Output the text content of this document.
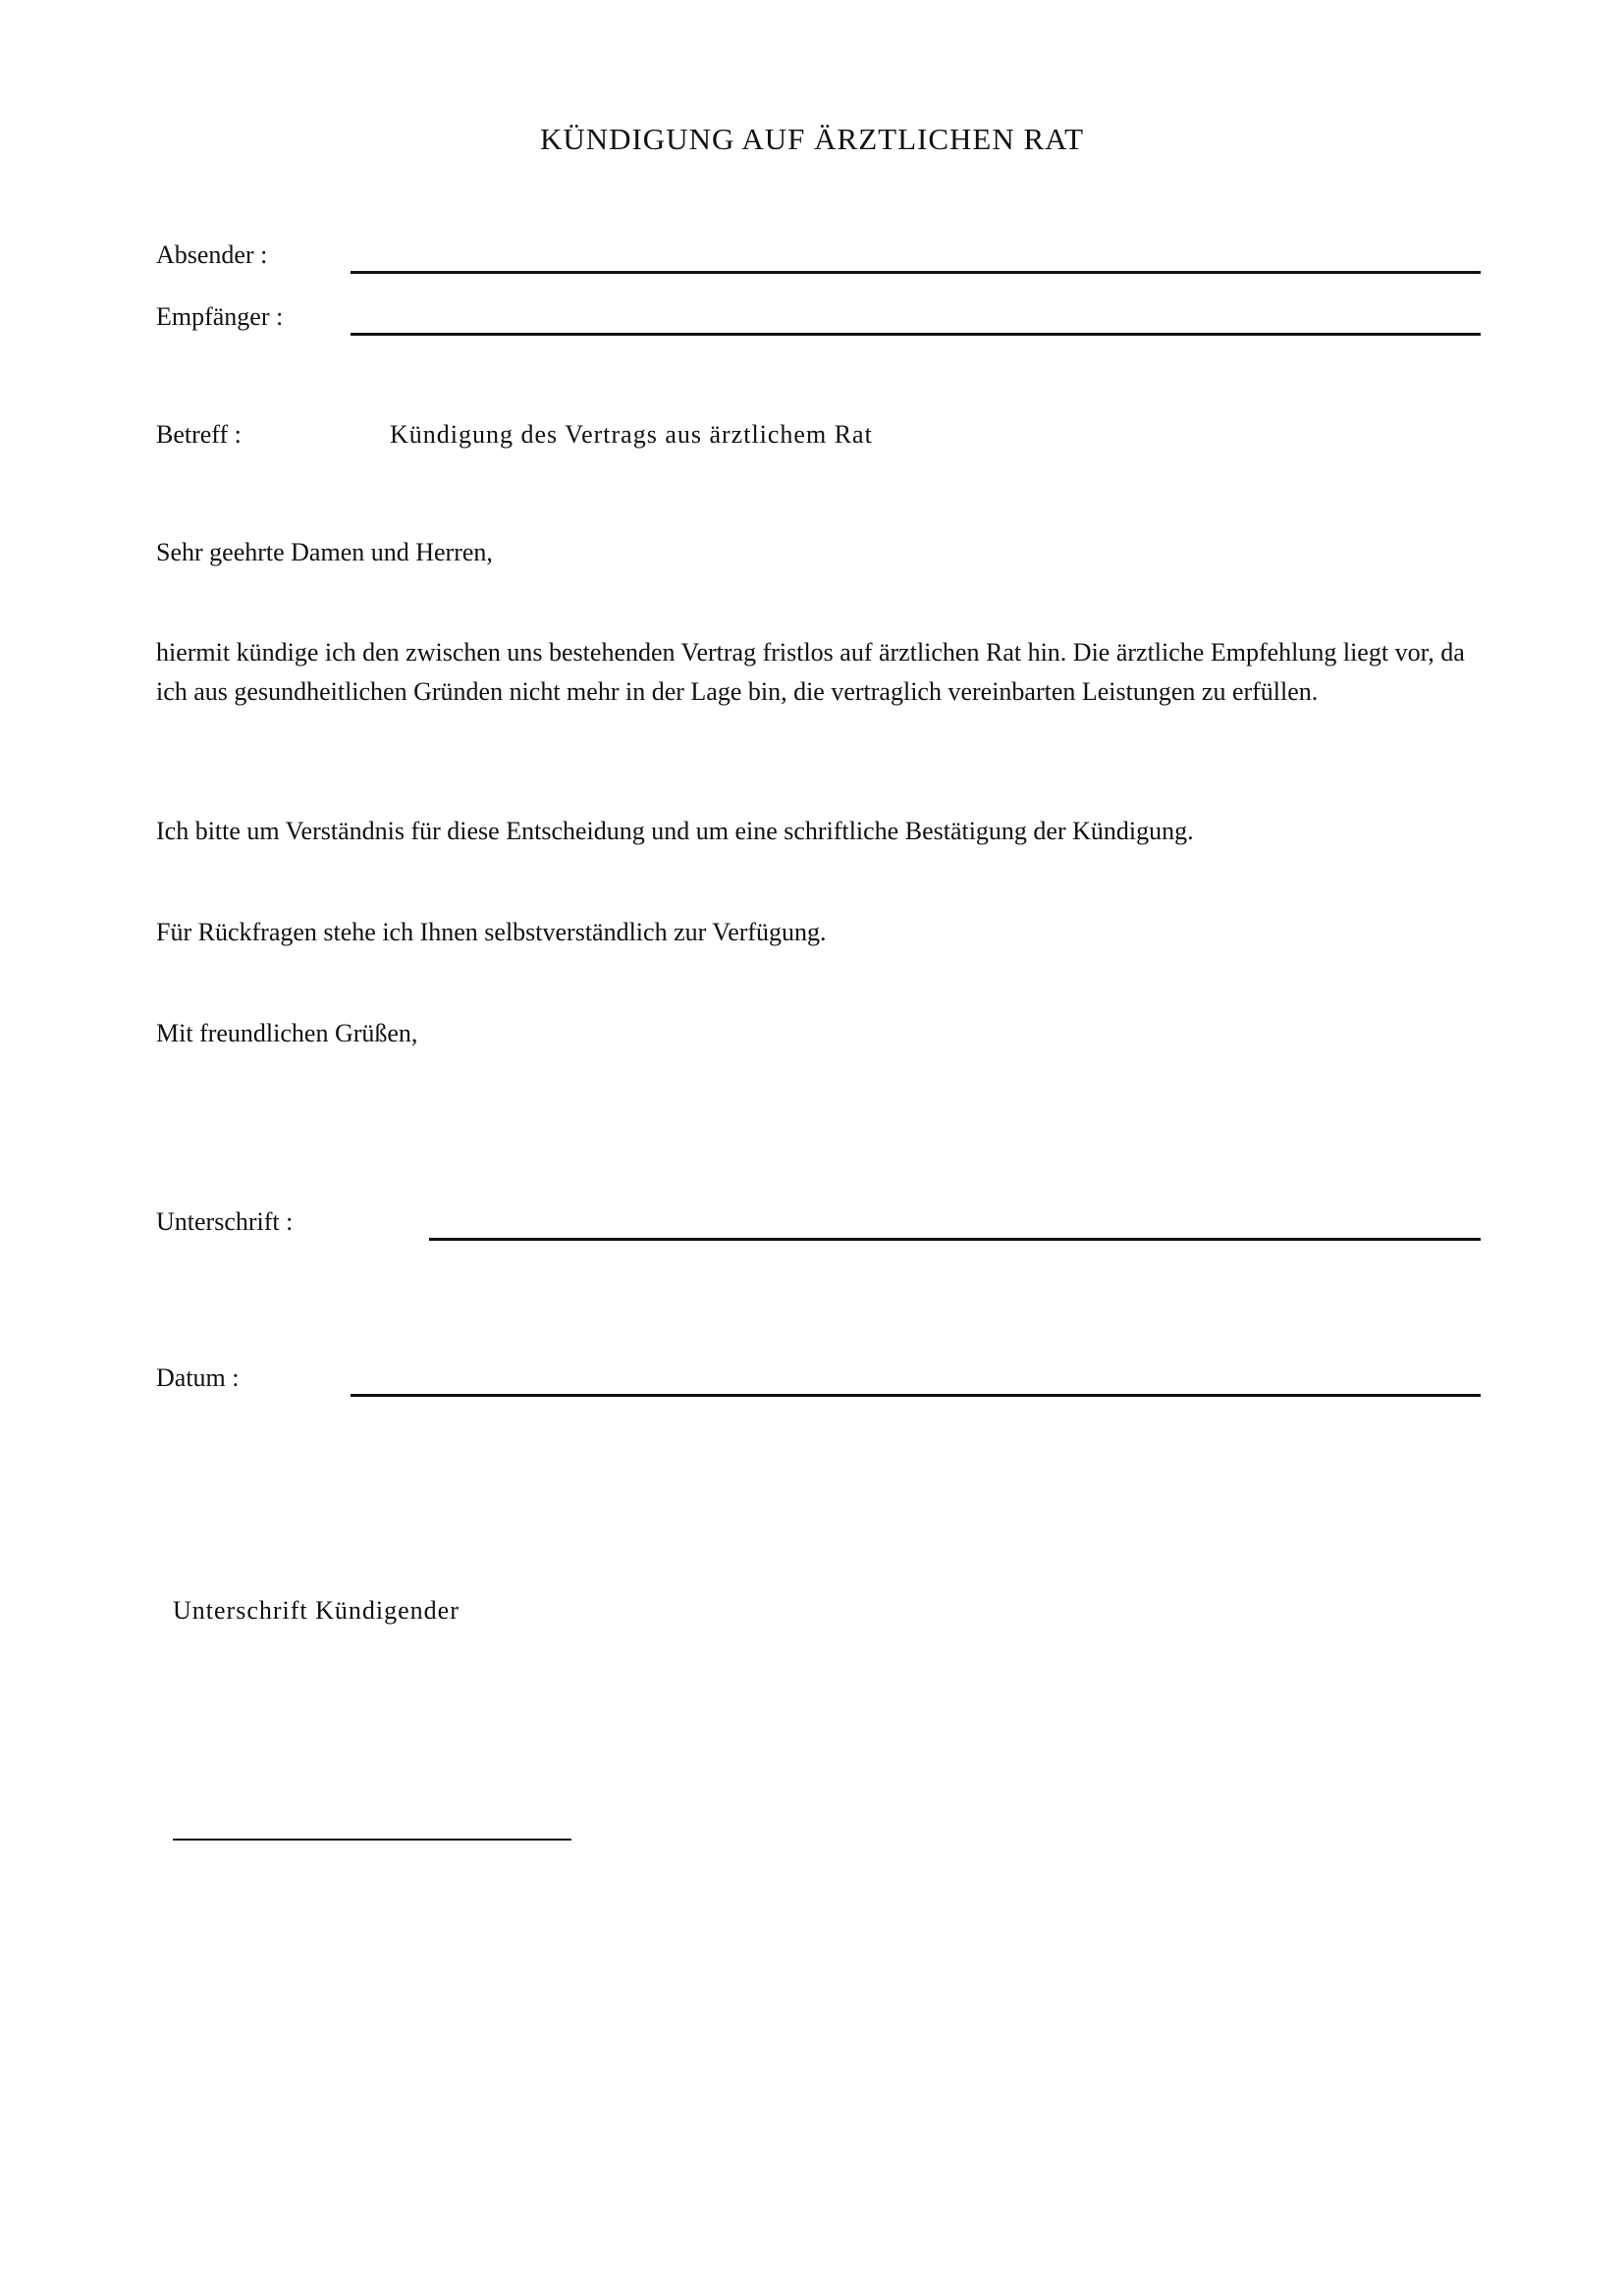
KÜNDIGUNG AUF ÄRZTLICHEN RAT
Absender :
Empfänger :
Betreff :	Kündigung des Vertrags aus ärztlichem Rat
Sehr geehrte Damen und Herren,
hiermit kündige ich den zwischen uns bestehenden Vertrag fristlos auf ärztlichen Rat hin. Die ärztliche Empfehlung liegt vor, da ich aus gesundheitlichen Gründen nicht mehr in der Lage bin, die vertraglich vereinbarten Leistungen zu erfüllen.
Ich bitte um Verständnis für diese Entscheidung und um eine schriftliche Bestätigung der Kündigung.
Für Rückfragen stehe ich Ihnen selbstverständlich zur Verfügung.
Mit freundlichen Grüßen,
Unterschrift :
Datum :
Unterschrift Kündigender
